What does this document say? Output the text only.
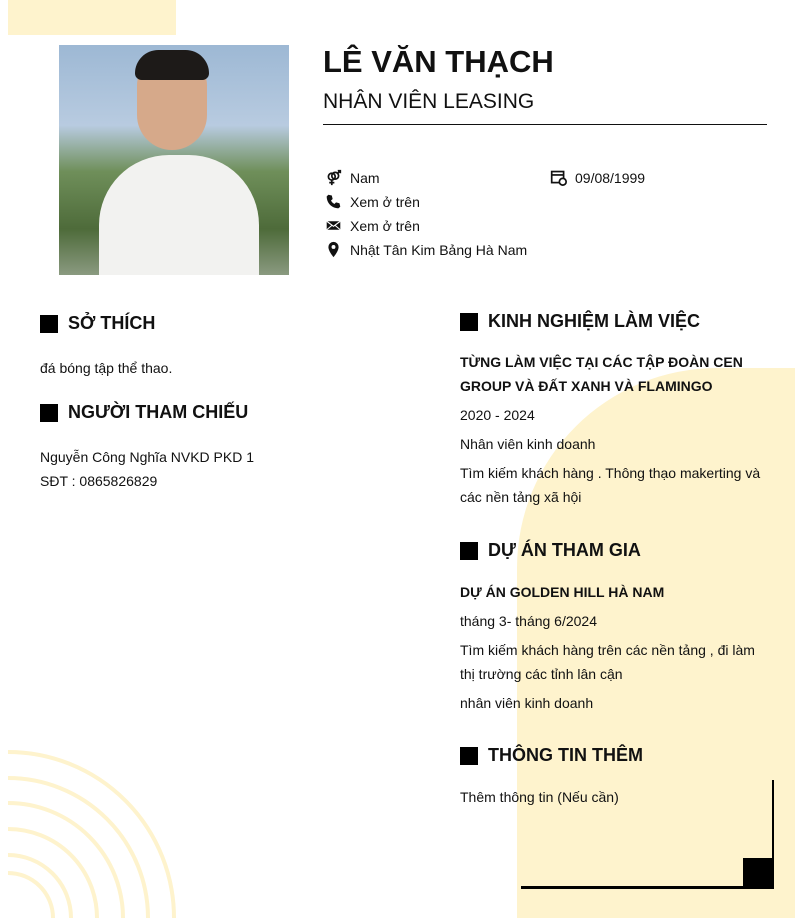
LÊ VĂN THẠCH
NHÂN VIÊN LEASING
Nam	09/08/1999
Xem ở trên
Xem ở trên
Nhật Tân Kim Bảng Hà Nam
SỞ THÍCH
đá bóng tập thể thao.
NGƯỜI THAM CHIẾU
Nguyễn Công Nghĩa NVKD PKD 1
SĐT : 0865826829
KINH NGHIỆM LÀM VIỆC
TỪNG LÀM VIỆC TẠI CÁC TẬP ĐOÀN CEN
GROUP VÀ ĐẤT XANH VÀ FLAMINGO
2020 - 2024
Nhân viên kinh doanh
Tìm kiếm khách hàng . Thông thạo makerting và
các nền tảng xã hội
DỰ ÁN THAM GIA
DỰ ÁN GOLDEN HILL HÀ NAM
tháng 3- tháng 6/2024
Tìm kiếm khách hàng trên các nền tảng , đi làm
thị trường các tỉnh lân cận
nhân viên kinh doanh
THÔNG TIN THÊM
Thêm thông tin (Nếu cần)
